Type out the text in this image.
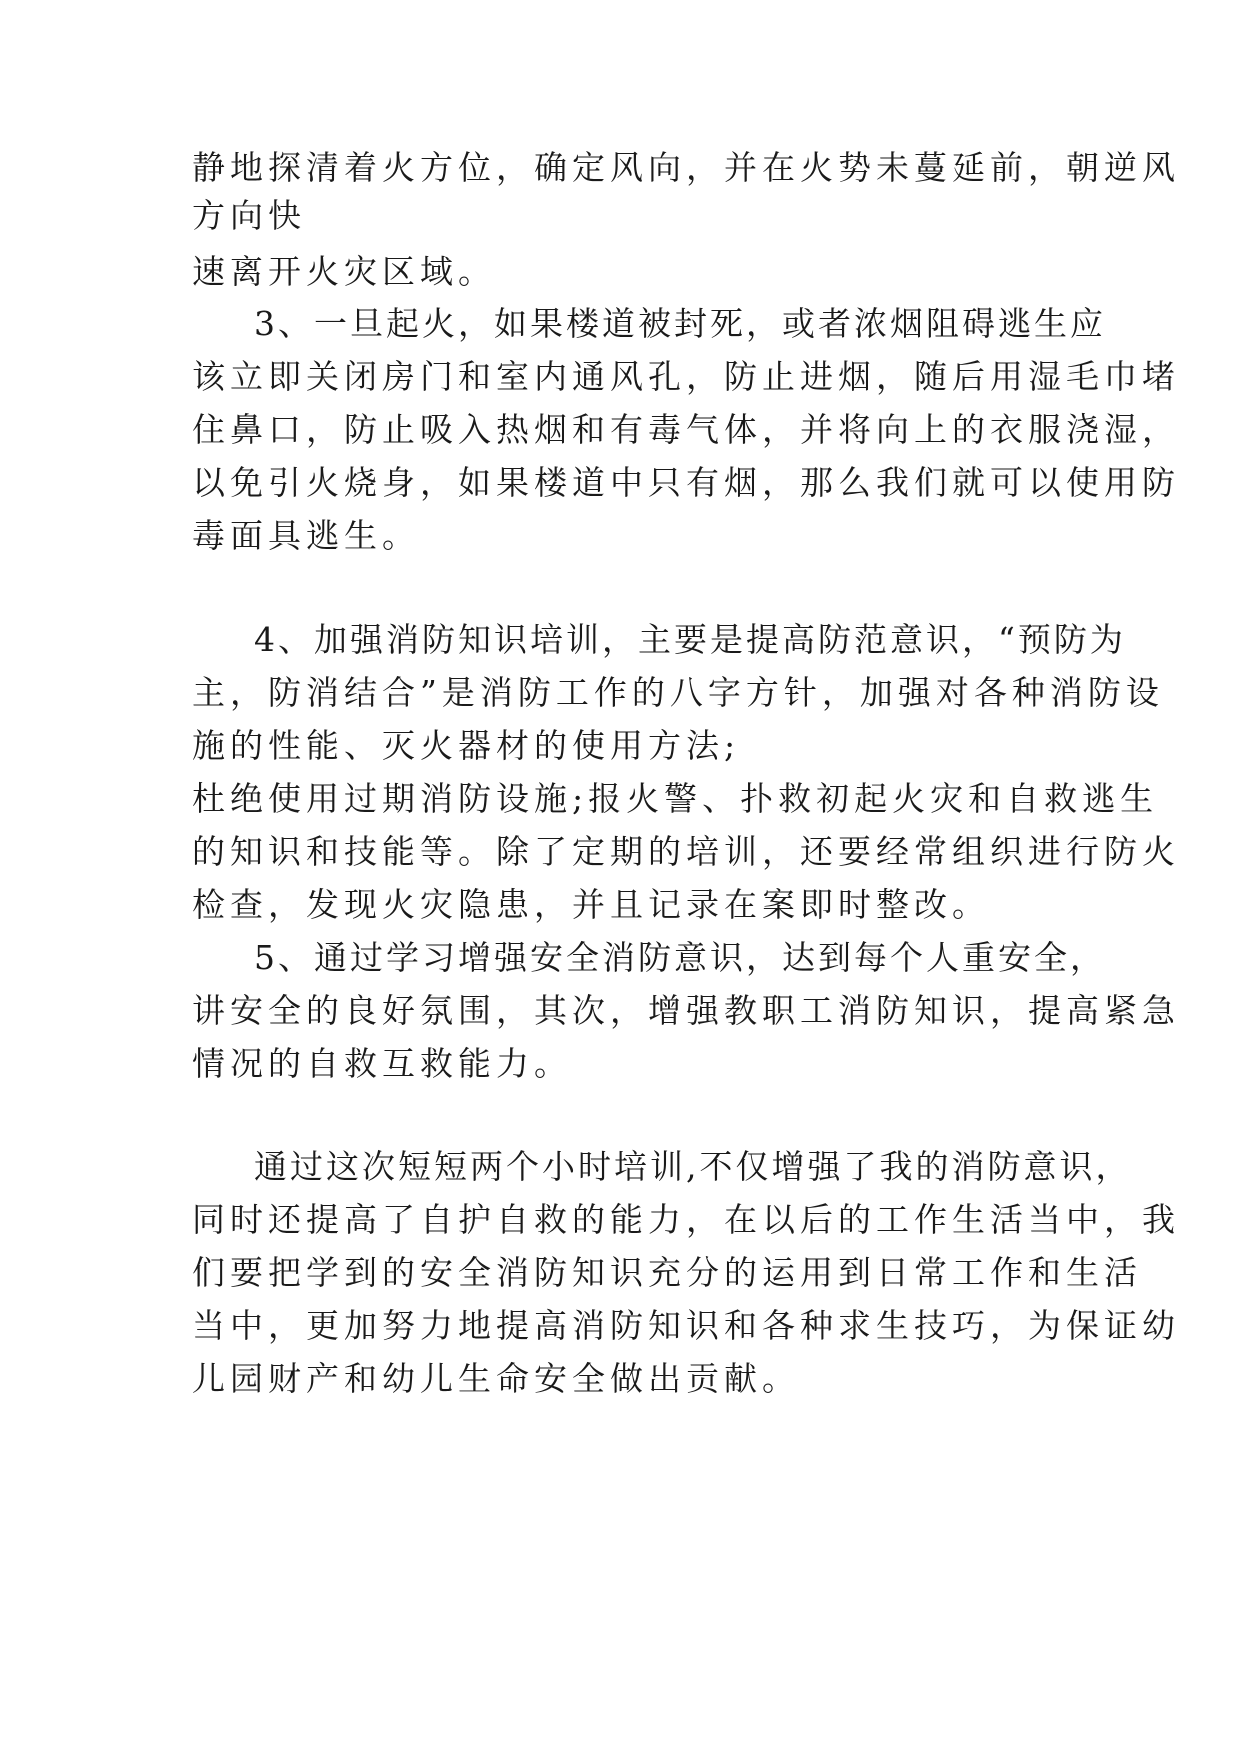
静地探清着火方位，确定风向，并在火势未蔓延前，朝逆风

方向快

速离开火灾区域。

3、一旦起火，如果楼道被封死，或者浓烟阻碍逃生应

该立即关闭房门和室内通风孔，防止进烟，随后用湿毛巾堵

住鼻口，防止吸入热烟和有毒气体，并将向上的衣服浇湿，

以免引火烧身，如果楼道中只有烟，那么我们就可以使用防

毒面具逃生。

4、加强消防知识培训，主要是提高防范意识，“预防为

主，防消结合”是消防工作的八字方针，加强对各种消防设

施的性能、灭火器材的使用方法;

杜绝使用过期消防设施;报火警、扑救初起火灾和自救逃生

的知识和技能等。除了定期的培训，还要经常组织进行防火

检查，发现火灾隐患，并且记录在案即时整改。

5、通过学习增强安全消防意识，达到每个人重安全，

讲安全的良好氛围，其次，增强教职工消防知识，提高紧急

情况的自救互救能力。

通过这次短短两个小时培训,不仅增强了我的消防意识，

同时还提高了自护自救的能力，在以后的工作生活当中，我

们要把学到的安全消防知识充分的运用到日常工作和生活

当中，更加努力地提高消防知识和各种求生技巧，为保证幼

儿园财产和幼儿生命安全做出贡献。
